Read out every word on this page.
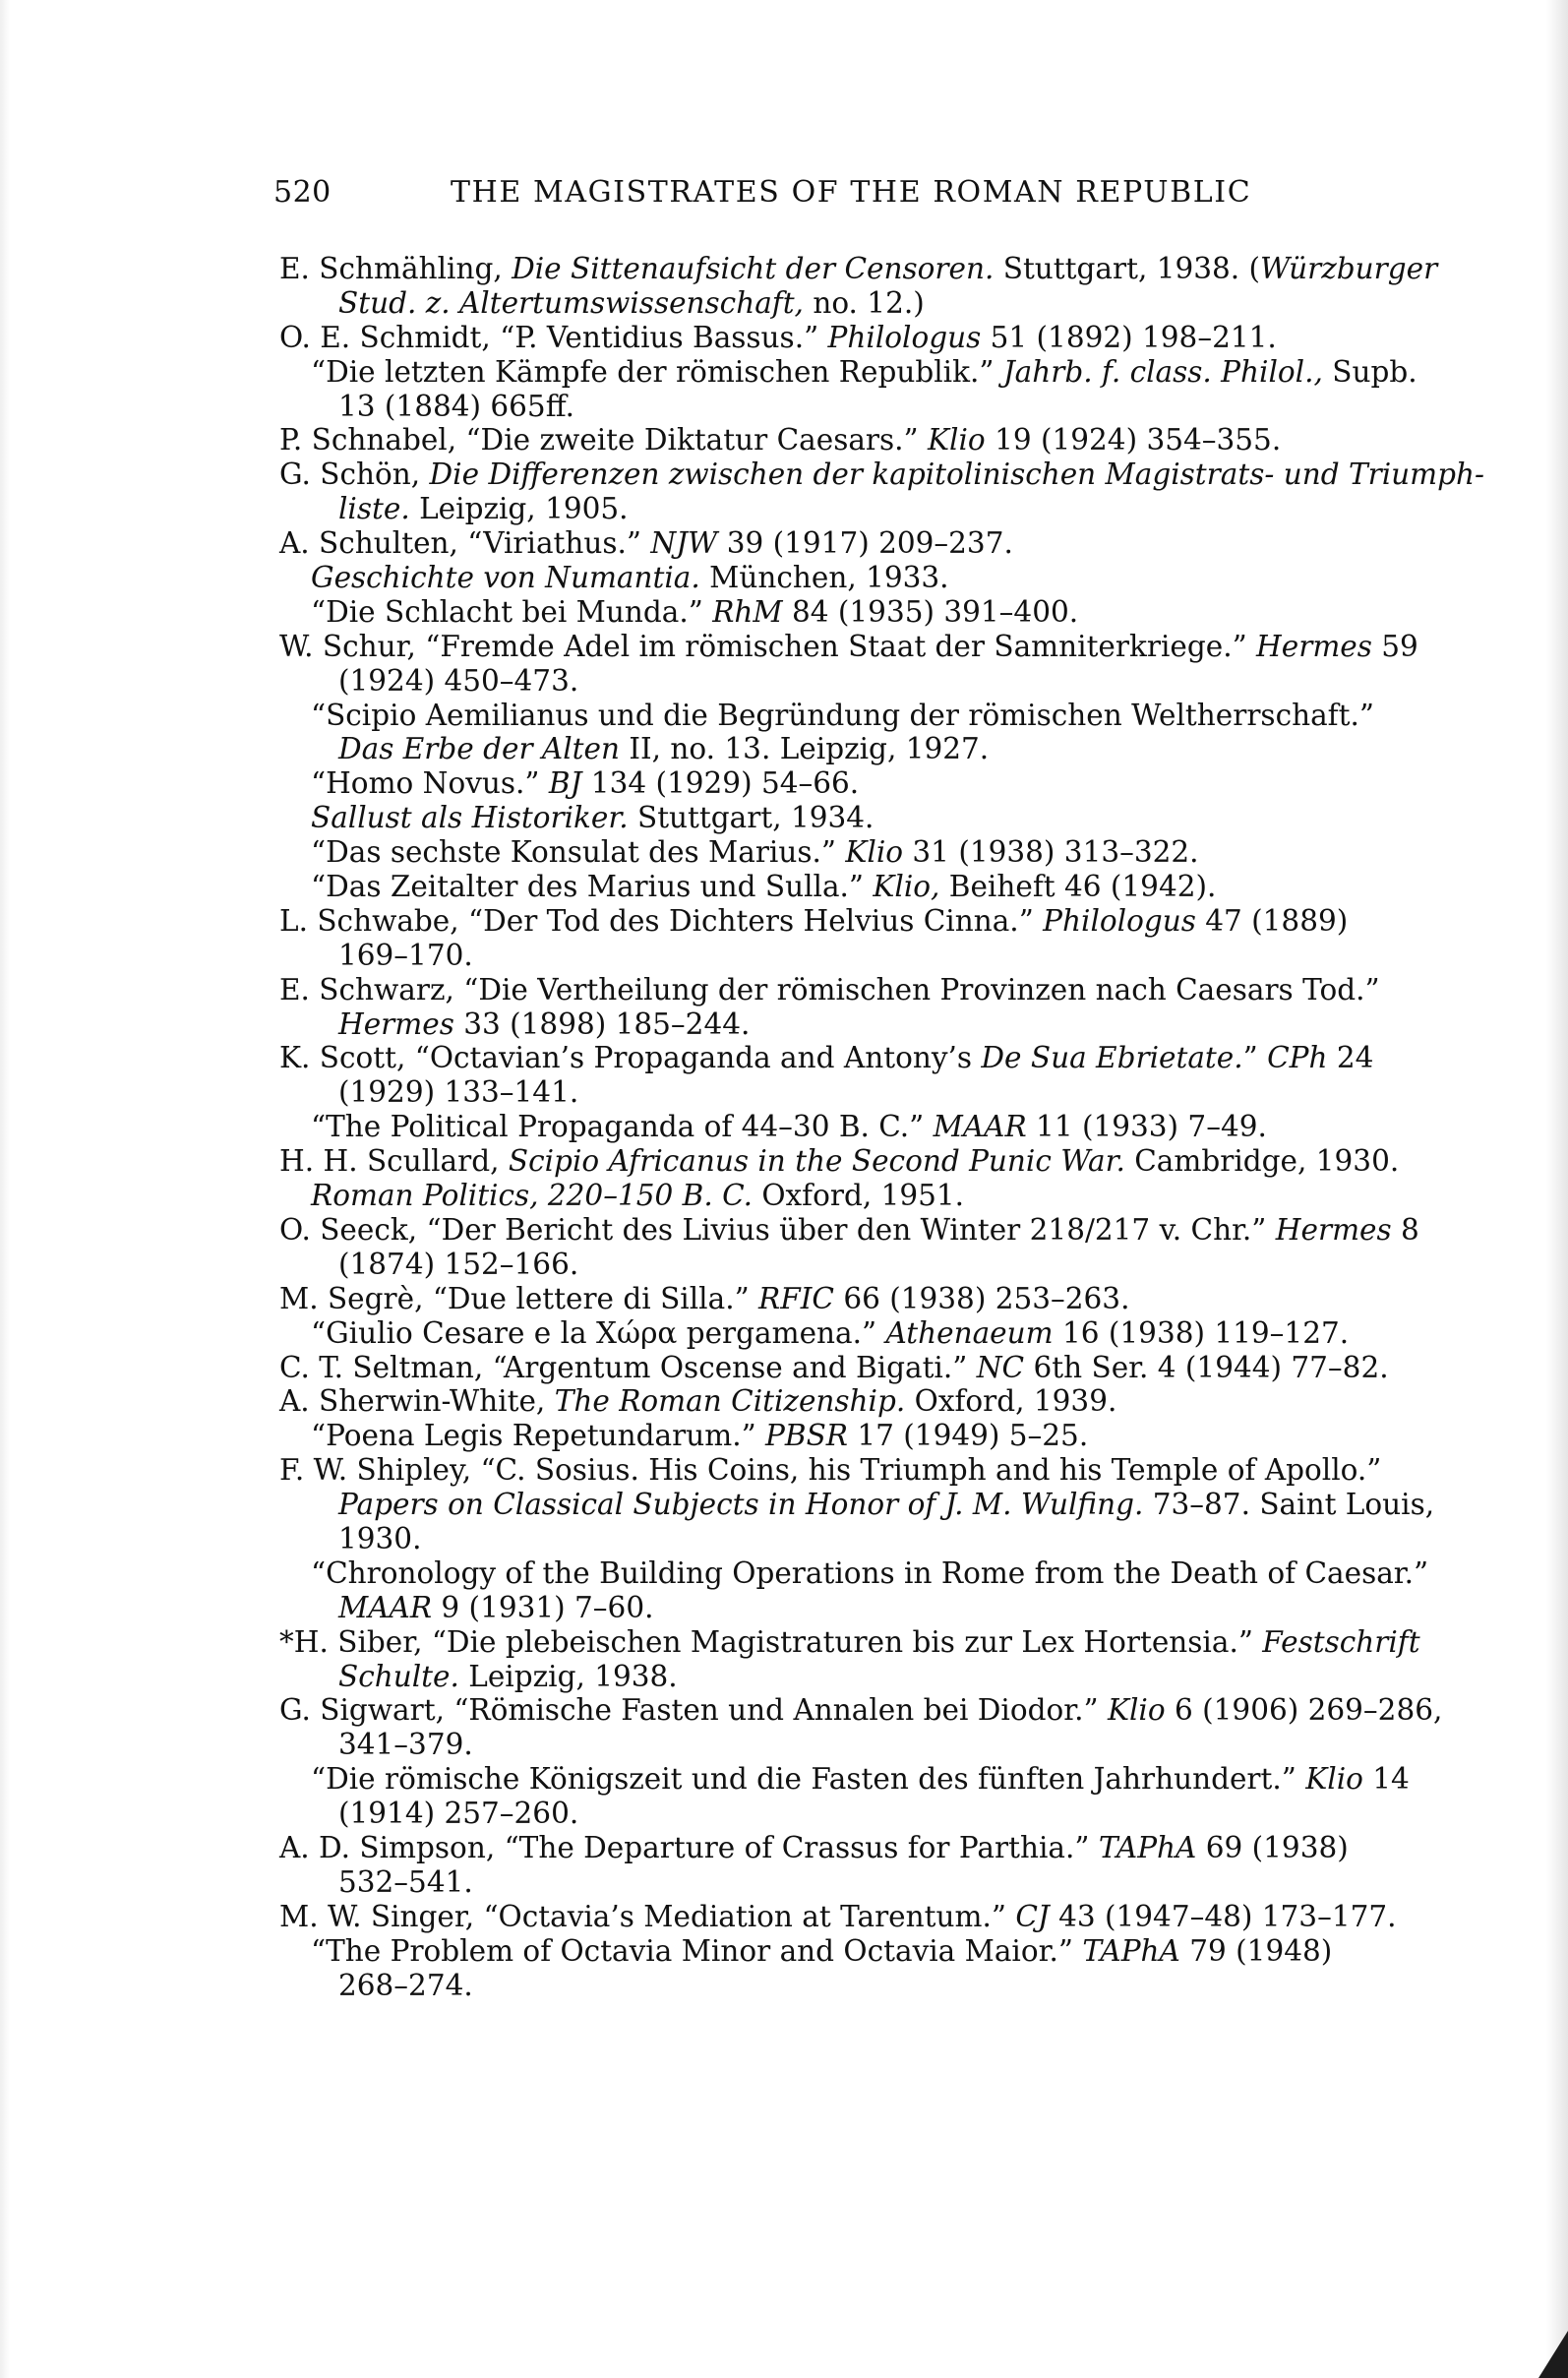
520	THE MAGISTRATES OF THE ROMAN REPUBLIC
E. Schmähling, Die Sittenaufsicht der Censoren. Stuttgart, 1938. (Würzburger
Stud. z. Altertumswissenschaft, no. 12.)
O. E. Schmidt, “P. Ventidius Bassus.” Philologus 51 (1892) 198–211.
“Die letzten Kämpfe der römischen Republik.” Jahrb. f. class. Philol., Supb.
13 (1884) 665ff.
P. Schnabel, “Die zweite Diktatur Caesars.” Klio 19 (1924) 354–355.
G. Schön, Die Differenzen zwischen der kapitolinischen Magistrats- und Triumph-
liste. Leipzig, 1905.
A. Schulten, “Viriathus.” NJW 39 (1917) 209–237.
Geschichte von Numantia. München, 1933.
“Die Schlacht bei Munda.” RhM 84 (1935) 391–400.
W. Schur, “Fremde Adel im römischen Staat der Samniterkriege.” Hermes 59
(1924) 450–473.
“Scipio Aemilianus und die Begründung der römischen Weltherrschaft.”
Das Erbe der Alten II, no. 13. Leipzig, 1927.
“Homo Novus.” BJ 134 (1929) 54–66.
Sallust als Historiker. Stuttgart, 1934.
“Das sechste Konsulat des Marius.” Klio 31 (1938) 313–322.
“Das Zeitalter des Marius und Sulla.” Klio, Beiheft 46 (1942).
L. Schwabe, “Der Tod des Dichters Helvius Cinna.” Philologus 47 (1889)
169–170.
E. Schwarz, “Die Vertheilung der römischen Provinzen nach Caesars Tod.”
Hermes 33 (1898) 185–244.
K. Scott, “Octavian’s Propaganda and Antony’s De Sua Ebrietate.” CPh 24
(1929) 133–141.
“The Political Propaganda of 44–30 B. C.” MAAR 11 (1933) 7–49.
H. H. Scullard, Scipio Africanus in the Second Punic War. Cambridge, 1930.
Roman Politics, 220–150 B. C. Oxford, 1951.
O. Seeck, “Der Bericht des Livius über den Winter 218/217 v. Chr.” Hermes 8
(1874) 152–166.
M. Segrè, “Due lettere di Silla.” RFIC 66 (1938) 253–263.
“Giulio Cesare e la Χώρα pergamena.” Athenaeum 16 (1938) 119–127.
C. T. Seltman, “Argentum Oscense and Bigati.” NC 6th Ser. 4 (1944) 77–82.
A. Sherwin-White, The Roman Citizenship. Oxford, 1939.
“Poena Legis Repetundarum.” PBSR 17 (1949) 5–25.
F. W. Shipley, “C. Sosius. His Coins, his Triumph and his Temple of Apollo.”
Papers on Classical Subjects in Honor of J. M. Wulfing. 73–87. Saint Louis,
1930.
“Chronology of the Building Operations in Rome from the Death of Caesar.”
MAAR 9 (1931) 7–60.
*H. Siber, “Die plebeischen Magistraturen bis zur Lex Hortensia.” Festschrift
Schulte. Leipzig, 1938.
G. Sigwart, “Römische Fasten und Annalen bei Diodor.” Klio 6 (1906) 269–286,
341–379.
“Die römische Königszeit und die Fasten des fünften Jahrhundert.” Klio 14
(1914) 257–260.
A. D. Simpson, “The Departure of Crassus for Parthia.” TAPhA 69 (1938)
532–541.
M. W. Singer, “Octavia’s Mediation at Tarentum.” CJ 43 (1947–48) 173–177.
“The Problem of Octavia Minor and Octavia Maior.” TAPhA 79 (1948)
268–274.
